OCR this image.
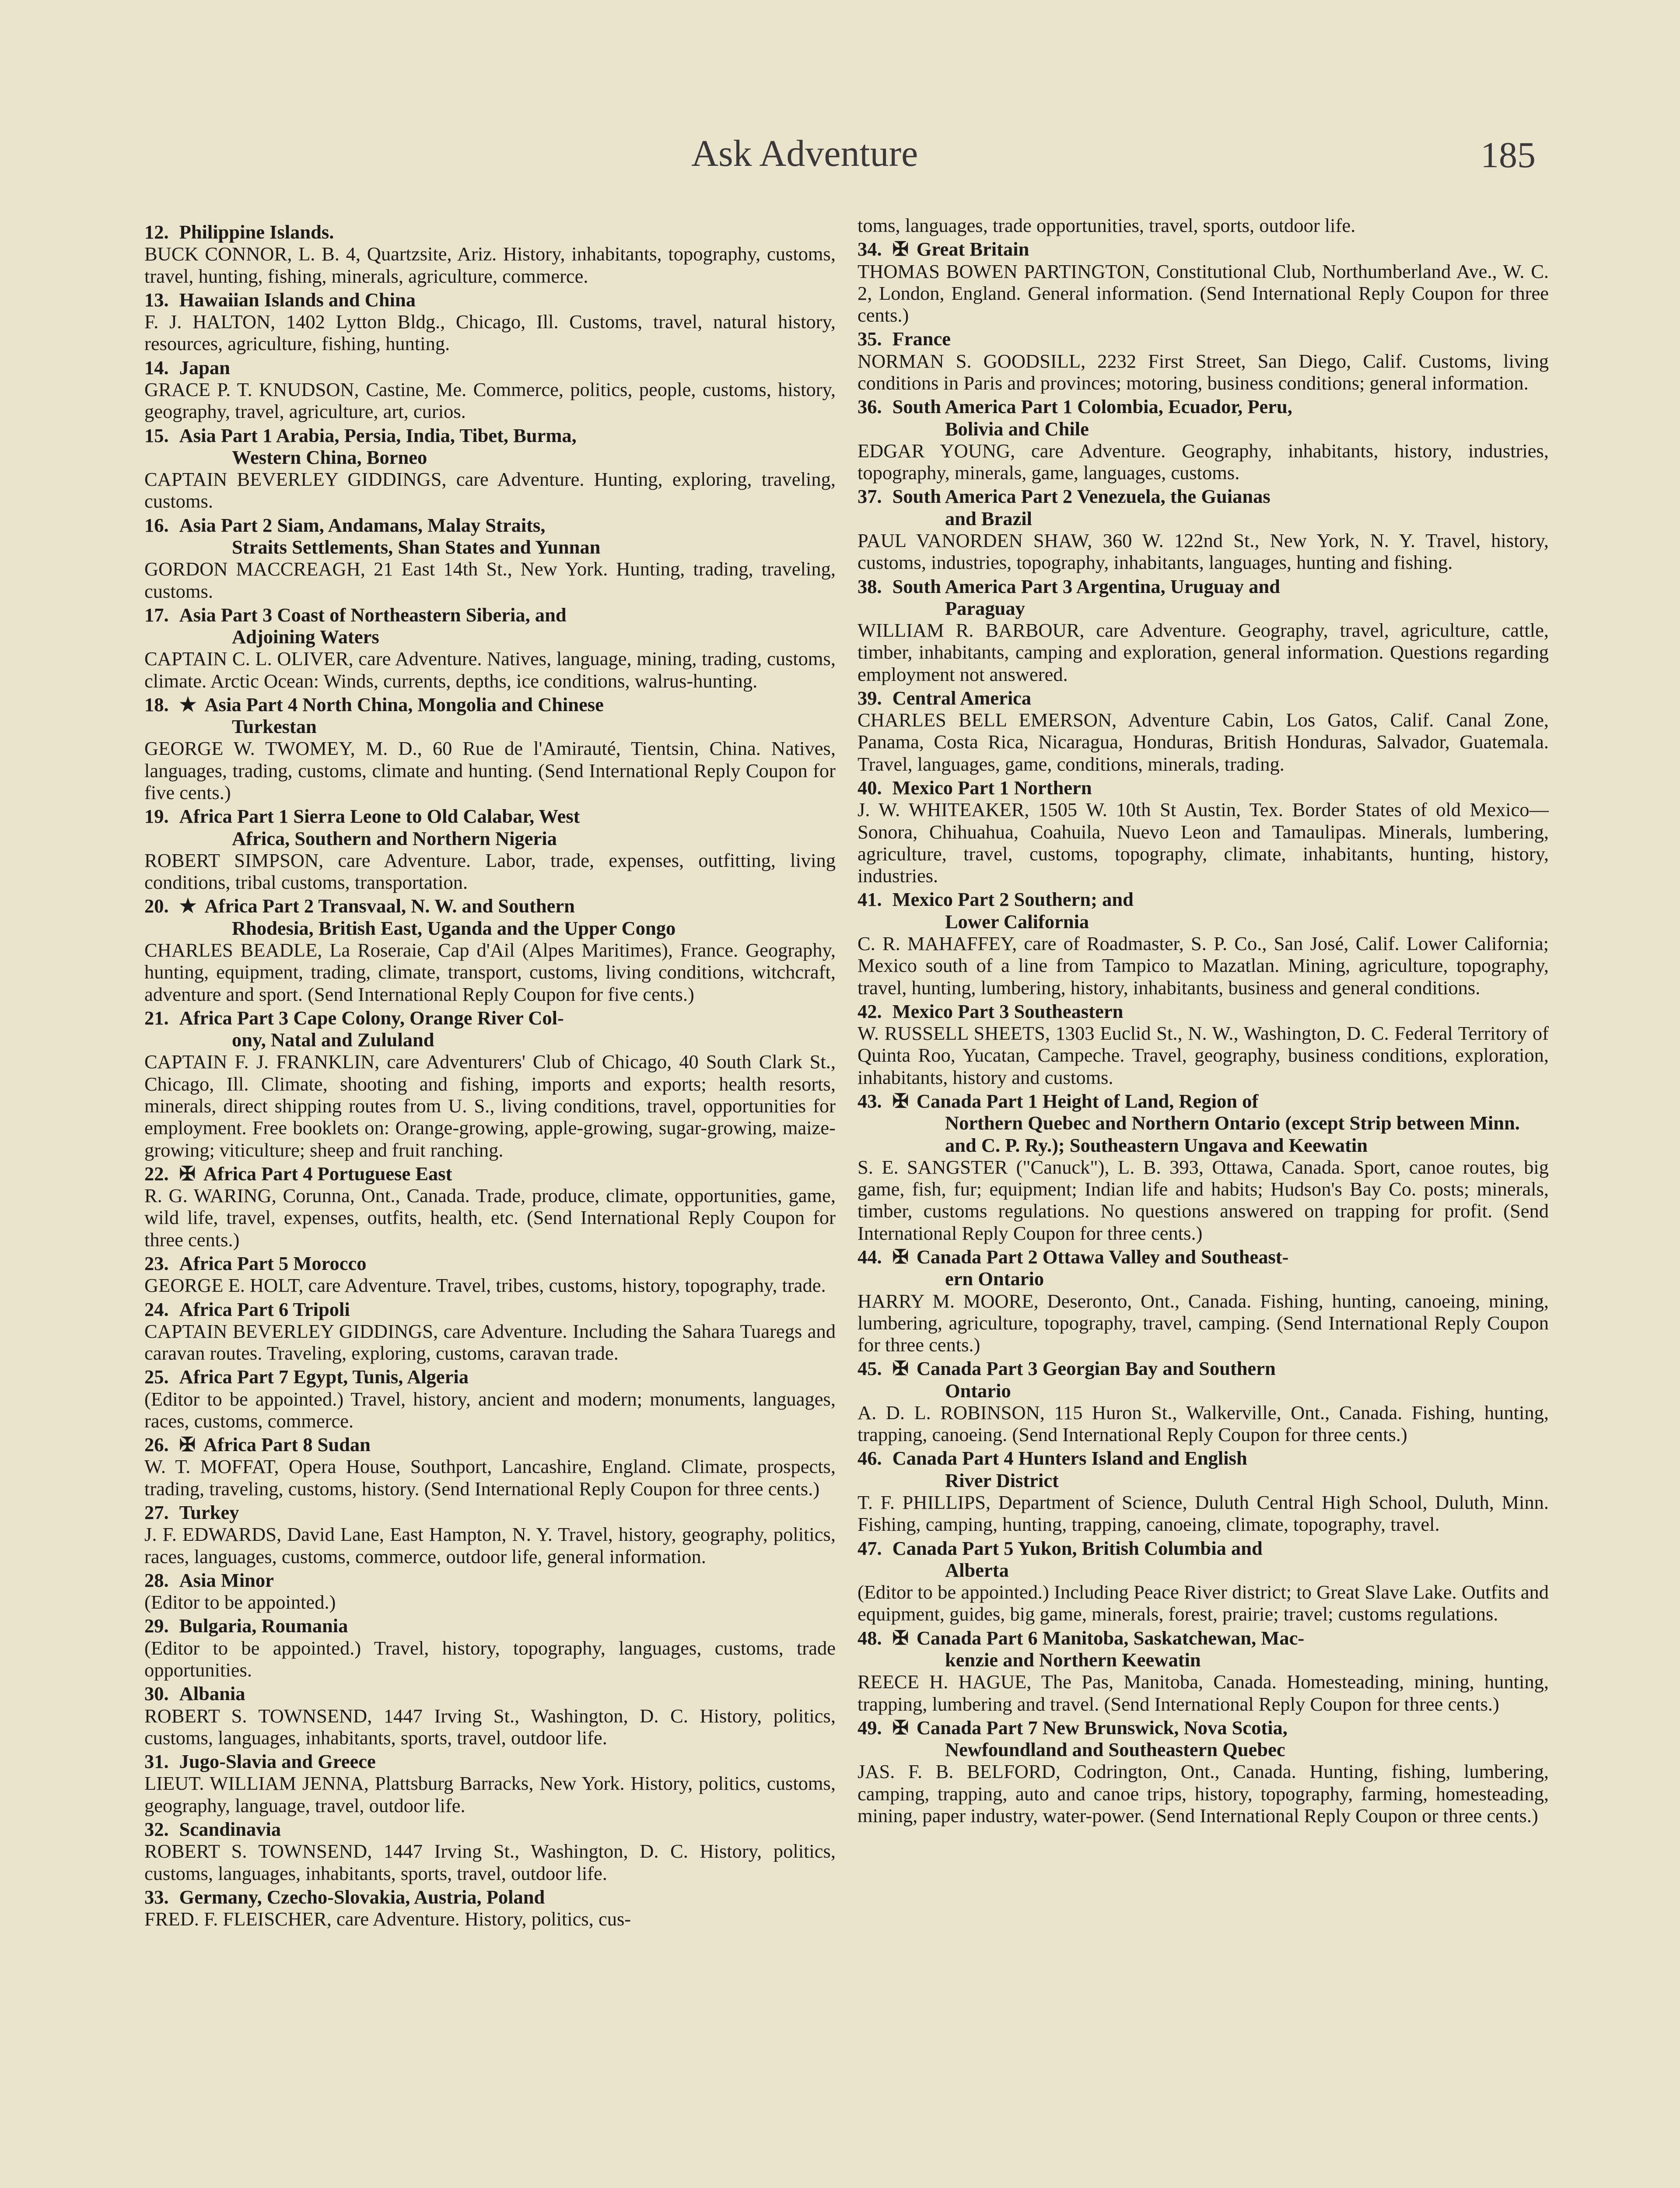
Ask Adventure	185
12. Philippine Islands.
BUCK CONNOR, L. B. 4, Quartzsite, Ariz. History, inhabitants, topography, customs, travel, hunting, fishing, minerals, agriculture, commerce.
13. Hawaiian Islands and China
F. J. HALTON, 1402 Lytton Bldg., Chicago, Ill. Customs, travel, natural history, resources, agriculture, fishing, hunting.
14. Japan
GRACE P. T. KNUDSON, Castine, Me. Commerce, politics, people, customs, history, geography, travel, agriculture, art, curios.
15. Asia Part 1 Arabia, Persia, India, Tibet, Burma,
Western China, Borneo
CAPTAIN BEVERLEY GIDDINGS, care Adventure. Hunting, exploring, traveling, customs.
16. Asia Part 2 Siam, Andamans, Malay Straits,
Straits Settlements, Shan States and Yunnan
GORDON MACCREAGH, 21 East 14th St., New York. Hunting, trading, traveling, customs.
17. Asia Part 3 Coast of Northeastern Siberia, and
Adjoining Waters
CAPTAIN C. L. OLIVER, care Adventure. Natives, language, mining, trading, customs, climate. Arctic Ocean: Winds, currents, depths, ice conditions, walrus-hunting.
18. ★ Asia Part 4 North China, Mongolia and Chinese
Turkestan
GEORGE W. TWOMEY, M. D., 60 Rue de l'Amirauté, Tientsin, China. Natives, languages, trading, customs, climate and hunting. (Send International Reply Coupon for five cents.)
19. Africa Part 1 Sierra Leone to Old Calabar, West
Africa, Southern and Northern Nigeria
ROBERT SIMPSON, care Adventure. Labor, trade, expenses, outfitting, living conditions, tribal customs, transportation.
20. ★ Africa Part 2 Transvaal, N. W. and Southern
Rhodesia, British East, Uganda and the Upper Congo
CHARLES BEADLE, La Roseraie, Cap d'Ail (Alpes Maritimes), France. Geography, hunting, equipment, trading, climate, transport, customs, living conditions, witchcraft, adventure and sport. (Send International Reply Coupon for five cents.)
21. Africa Part 3 Cape Colony, Orange River Col-
ony, Natal and Zululand
CAPTAIN F. J. FRANKLIN, care Adventurers' Club of Chicago, 40 South Clark St., Chicago, Ill. Climate, shooting and fishing, imports and exports; health resorts, minerals, direct shipping routes from U. S., living conditions, travel, opportunities for employment. Free booklets on: Orange-growing, apple-growing, sugar-growing, maize-growing; viticulture; sheep and fruit ranching.
22. ✠ Africa Part 4 Portuguese East
R. G. WARING, Corunna, Ont., Canada. Trade, produce, climate, opportunities, game, wild life, travel, expenses, outfits, health, etc. (Send International Reply Coupon for three cents.)
23. Africa Part 5 Morocco
GEORGE E. HOLT, care Adventure. Travel, tribes, customs, history, topography, trade.
24. Africa Part 6 Tripoli
CAPTAIN BEVERLEY GIDDINGS, care Adventure. Including the Sahara Tuaregs and caravan routes. Traveling, exploring, customs, caravan trade.
25. Africa Part 7 Egypt, Tunis, Algeria
(Editor to be appointed.) Travel, history, ancient and modern; monuments, languages, races, customs, commerce.
26. ✠ Africa Part 8 Sudan
W. T. MOFFAT, Opera House, Southport, Lancashire, England. Climate, prospects, trading, traveling, customs, history. (Send International Reply Coupon for three cents.)
27. Turkey
J. F. EDWARDS, David Lane, East Hampton, N. Y. Travel, history, geography, politics, races, languages, customs, commerce, outdoor life, general information.
28. Asia Minor
(Editor to be appointed.)
29. Bulgaria, Roumania
(Editor to be appointed.) Travel, history, topography, languages, customs, trade opportunities.
30. Albania
ROBERT S. TOWNSEND, 1447 Irving St., Washington, D. C. History, politics, customs, languages, inhabitants, sports, travel, outdoor life.
31. Jugo-Slavia and Greece
LIEUT. WILLIAM JENNA, Plattsburg Barracks, New York. History, politics, customs, geography, language, travel, outdoor life.
32. Scandinavia
ROBERT S. TOWNSEND, 1447 Irving St., Washington, D. C. History, politics, customs, languages, inhabitants, sports, travel, outdoor life.
33. Germany, Czecho-Slovakia, Austria, Poland
FRED. F. FLEISCHER, care Adventure. History, politics, cus-
toms, languages, trade opportunities, travel, sports, outdoor life.
34. ✠ Great Britain
THOMAS BOWEN PARTINGTON, Constitutional Club, Northumberland Ave., W. C. 2, London, England. General information. (Send International Reply Coupon for three cents.)
35. France
NORMAN S. GOODSILL, 2232 First Street, San Diego, Calif. Customs, living conditions in Paris and provinces; motoring, business conditions; general information.
36. South America Part 1 Colombia, Ecuador, Peru,
Bolivia and Chile
EDGAR YOUNG, care Adventure. Geography, inhabitants, history, industries, topography, minerals, game, languages, customs.
37. South America Part 2 Venezuela, the Guianas
and Brazil
PAUL VANORDEN SHAW, 360 W. 122nd St., New York, N. Y. Travel, history, customs, industries, topography, inhabitants, languages, hunting and fishing.
38. South America Part 3 Argentina, Uruguay and
Paraguay
WILLIAM R. BARBOUR, care Adventure. Geography, travel, agriculture, cattle, timber, inhabitants, camping and exploration, general information. Questions regarding employment not answered.
39. Central America
CHARLES BELL EMERSON, Adventure Cabin, Los Gatos, Calif. Canal Zone, Panama, Costa Rica, Nicaragua, Honduras, British Honduras, Salvador, Guatemala. Travel, languages, game, conditions, minerals, trading.
40. Mexico Part 1 Northern
J. W. WHITEAKER, 1505 W. 10th St Austin, Tex. Border States of old Mexico—Sonora, Chihuahua, Coahuila, Nuevo Leon and Tamaulipas. Minerals, lumbering, agriculture, travel, customs, topography, climate, inhabitants, hunting, history, industries.
41. Mexico Part 2 Southern; and
Lower California
C. R. MAHAFFEY, care of Roadmaster, S. P. Co., San José, Calif. Lower California; Mexico south of a line from Tampico to Mazatlan. Mining, agriculture, topography, travel, hunting, lumbering, history, inhabitants, business and general conditions.
42. Mexico Part 3 Southeastern
W. RUSSELL SHEETS, 1303 Euclid St., N. W., Washington, D. C. Federal Territory of Quinta Roo, Yucatan, Campeche. Travel, geography, business conditions, exploration, inhabitants, history and customs.
43. ✠ Canada Part 1 Height of Land, Region of
Northern Quebec and Northern Ontario (except Strip between Minn. and C. P. Ry.); Southeastern Ungava and Keewatin
S. E. SANGSTER ("Canuck"), L. B. 393, Ottawa, Canada. Sport, canoe routes, big game, fish, fur; equipment; Indian life and habits; Hudson's Bay Co. posts; minerals, timber, customs regulations. No questions answered on trapping for profit. (Send International Reply Coupon for three cents.)
44. ✠ Canada Part 2 Ottawa Valley and Southeast-
ern Ontario
HARRY M. MOORE, Deseronto, Ont., Canada. Fishing, hunting, canoeing, mining, lumbering, agriculture, topography, travel, camping. (Send International Reply Coupon for three cents.)
45. ✠ Canada Part 3 Georgian Bay and Southern
Ontario
A. D. L. ROBINSON, 115 Huron St., Walkerville, Ont., Canada. Fishing, hunting, trapping, canoeing. (Send International Reply Coupon for three cents.)
46. Canada Part 4 Hunters Island and English
River District
T. F. PHILLIPS, Department of Science, Duluth Central High School, Duluth, Minn. Fishing, camping, hunting, trapping, canoeing, climate, topography, travel.
47. Canada Part 5 Yukon, British Columbia and
Alberta
(Editor to be appointed.) Including Peace River district; to Great Slave Lake. Outfits and equipment, guides, big game, minerals, forest, prairie; travel; customs regulations.
48. ✠ Canada Part 6 Manitoba, Saskatchewan, Mac-
kenzie and Northern Keewatin
REECE H. HAGUE, The Pas, Manitoba, Canada. Homesteading, mining, hunting, trapping, lumbering and travel. (Send International Reply Coupon for three cents.)
49. ✠ Canada Part 7 New Brunswick, Nova Scotia,
Newfoundland and Southeastern Quebec
JAS. F. B. BELFORD, Codrington, Ont., Canada. Hunting, fishing, lumbering, camping, trapping, auto and canoe trips, history, topography, farming, homesteading, mining, paper industry, water-power. (Send International Reply Coupon or three cents.)
